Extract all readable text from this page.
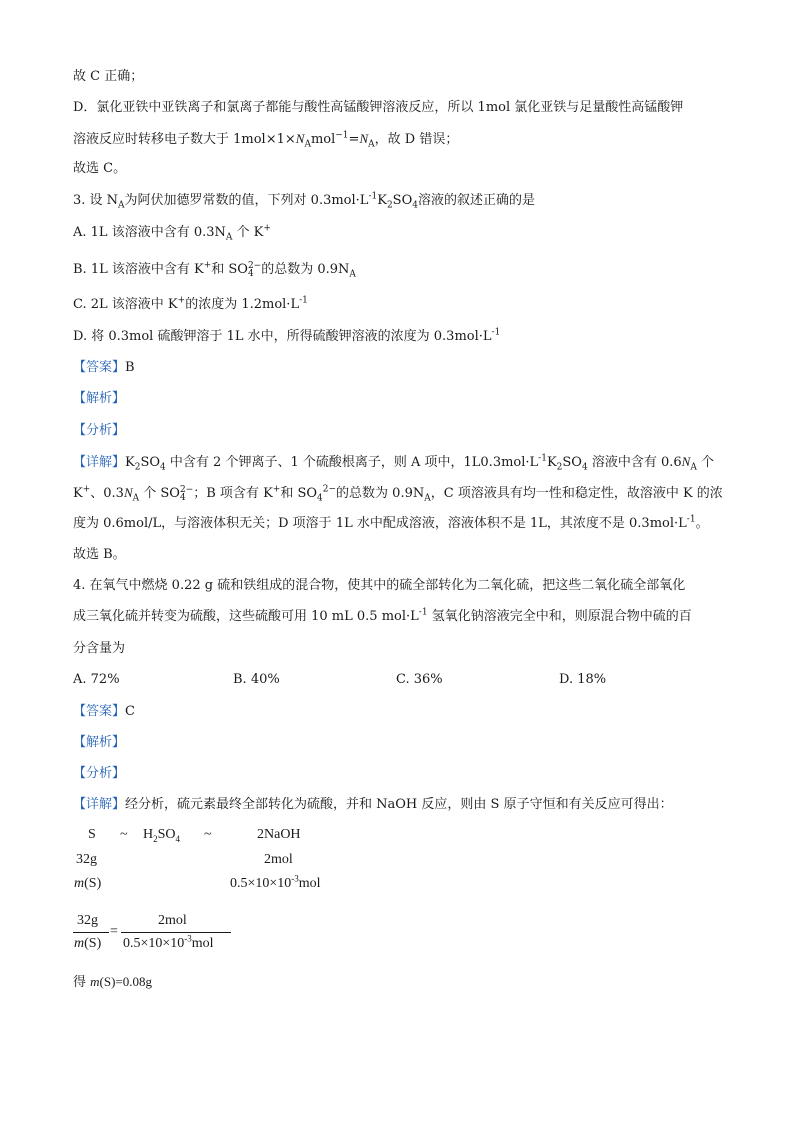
故 C 正确；
D．氯化亚铁中亚铁离子和氯离子都能与酸性高锰酸钾溶液反应，所以 1mol 氯化亚铁与足量酸性高锰酸钾
溶液反应时转移电子数大于 $1mol\times 1\times N_Amol^{-1}=N_A$，故 D 错误；
故选 C。
3. 设 $N_A$为阿伏加德罗常数的值，下列对 $0.3mol\cdot L^{-1}K_2SO_4$溶液的叙述正确的是
A. 1L 该溶液中含有 $0.3N_A$ 个 K+
B. 1L 该溶液中含有 K+和 SO 2−
4 的总数为 $0.9N_A$
C. 2L 该溶液中 K+的浓度为 $1.2mol\cdot L^{-1}$
D. 将 0.3mol 硫酸钾溶于 1L 水中，所得硫酸钾溶液的浓度为 $0.3mol\cdot L^{-1}$
【答案】B
【解析】
【分析】
【详解】$K_2SO_4$ 中含有 2 个钾离子、1 个硫酸根离子，则 A 项中，$1L0.3mol\cdot L^{-1}K_2SO_4$ 溶液中含有 $0.6N_A$ 个
K+、$0.3N_A$ 个 SO 2−
4 ；B 项含有 K+和 $SO_4^{2-}$的总数为 $0.9N_A$，C 项溶液具有均一性和稳定性，故溶液中 K 的浓
度为 0.6mol/L，与溶液体积无关；D 项溶于 1L 水中配成溶液，溶液体积不是 1L，其浓度不是 $0.3mol\cdot L^{-1}$。
故选 B。
4. 在氧气中燃烧 0.22 g 硫和铁组成的混合物，使其中的硫全部转化为二氧化硫，把这些二氧化硫全部氧化
成三氧化硫并转变为硫酸，这些硫酸可用 10 mL 0.5 $mol\cdot L^{-1}$ 氢氧化钠溶液完全中和，则原混合物中硫的百
分含量为
A. 72%	B. 40%	C. 36%	D. 18%
【答案】C
【解析】
【分析】
【详解】经分析，硫元素最终全部转化为硫酸，并和 NaOH 反应，则由 S 原子守恒和有关反应可得出：
S ~ $H_2SO_4$ ~	2NaOH
32g	2mol
m(S)	$0.5\times 10\times 10^{-3}mol$
32g
m(S)
=
2mol
$0.5\times 10\times 10^{-3}mol$
得 m(S)=0.08g
